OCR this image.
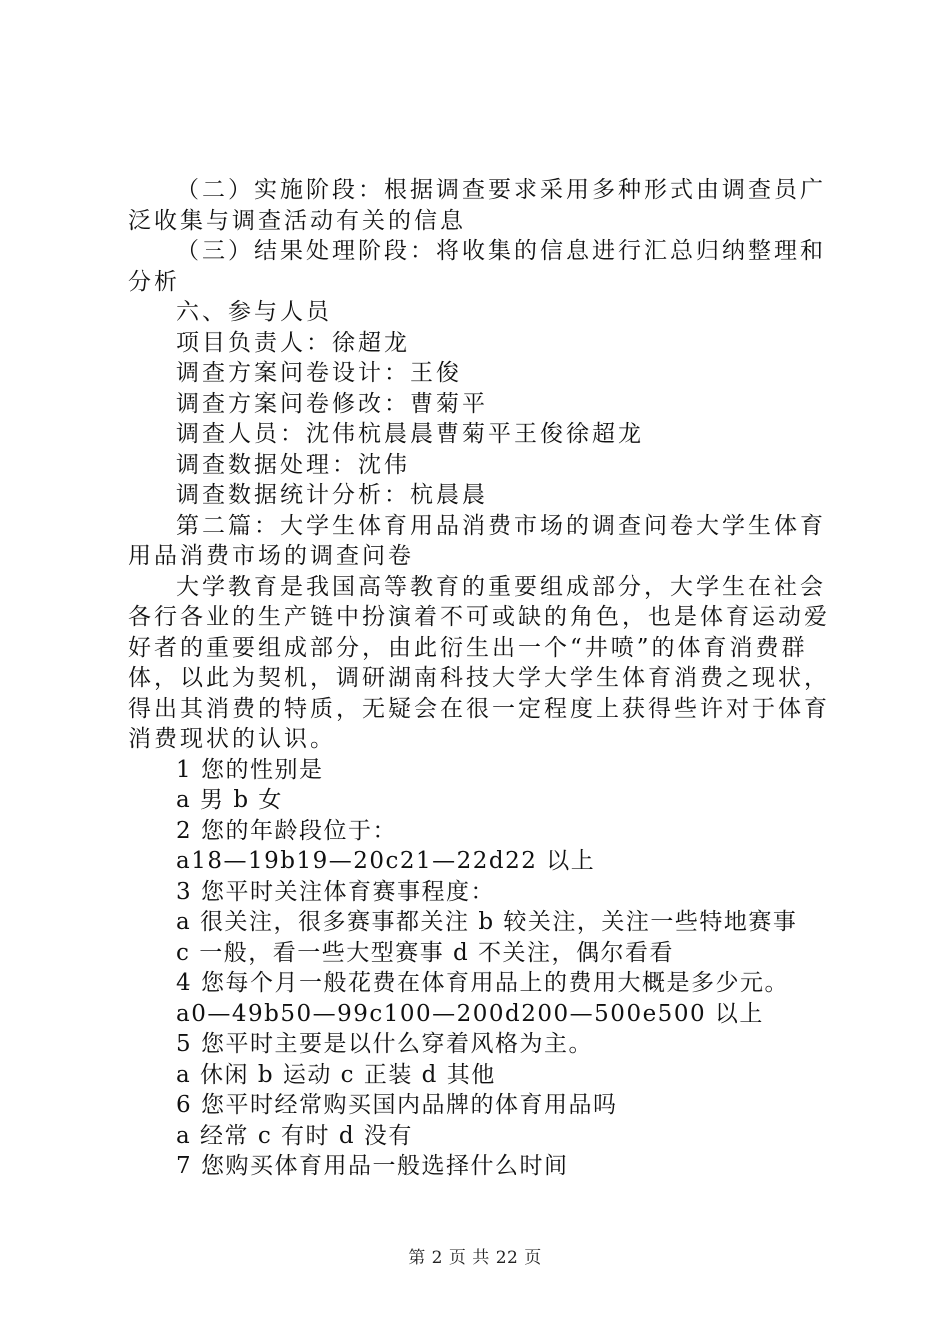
（二）实施阶段：根据调查要求采用多种形式由调查员广泛收集与调查活动有关的信息

（三）结果处理阶段：将收集的信息进行汇总归纳整理和分析

六、参与人员

项目负责人：徐超龙

调查方案问卷设计：王俊

调查方案问卷修改：曹菊平

调查人员：沈伟杭晨晨曹菊平王俊徐超龙

调查数据处理：沈伟

调查数据统计分析：杭晨晨

第二篇：大学生体育用品消费市场的调查问卷大学生体育用品消费市场的调查问卷

大学教育是我国高等教育的重要组成部分，大学生在社会各行各业的生产链中扮演着不可或缺的角色，也是体育运动爱好者的重要组成部分，由此衍生出一个“井喷”的体育消费群体，以此为契机，调研湖南科技大学大学生体育消费之现状，得出其消费的特质，无疑会在很一定程度上获得些许对于体育消费现状的认识。

1 您的性别是

a 男 b 女

2 您的年龄段位于：

a18—19b19—20c21—22d22 以上

3 您平时关注体育赛事程度：

a 很关注，很多赛事都关注 b 较关注，关注一些特地赛事

c 一般，看一些大型赛事 d 不关注，偶尔看看

4 您每个月一般花费在体育用品上的费用大概是多少元。

a0—49b50—99c100—200d200—500e500 以上

5 您平时主要是以什么穿着风格为主。

a 休闲 b 运动 c 正装 d 其他

6 您平时经常购买国内品牌的体育用品吗

a 经常 c 有时 d 没有

7 您购买体育用品一般选择什么时间

第 2 页 共 22 页
